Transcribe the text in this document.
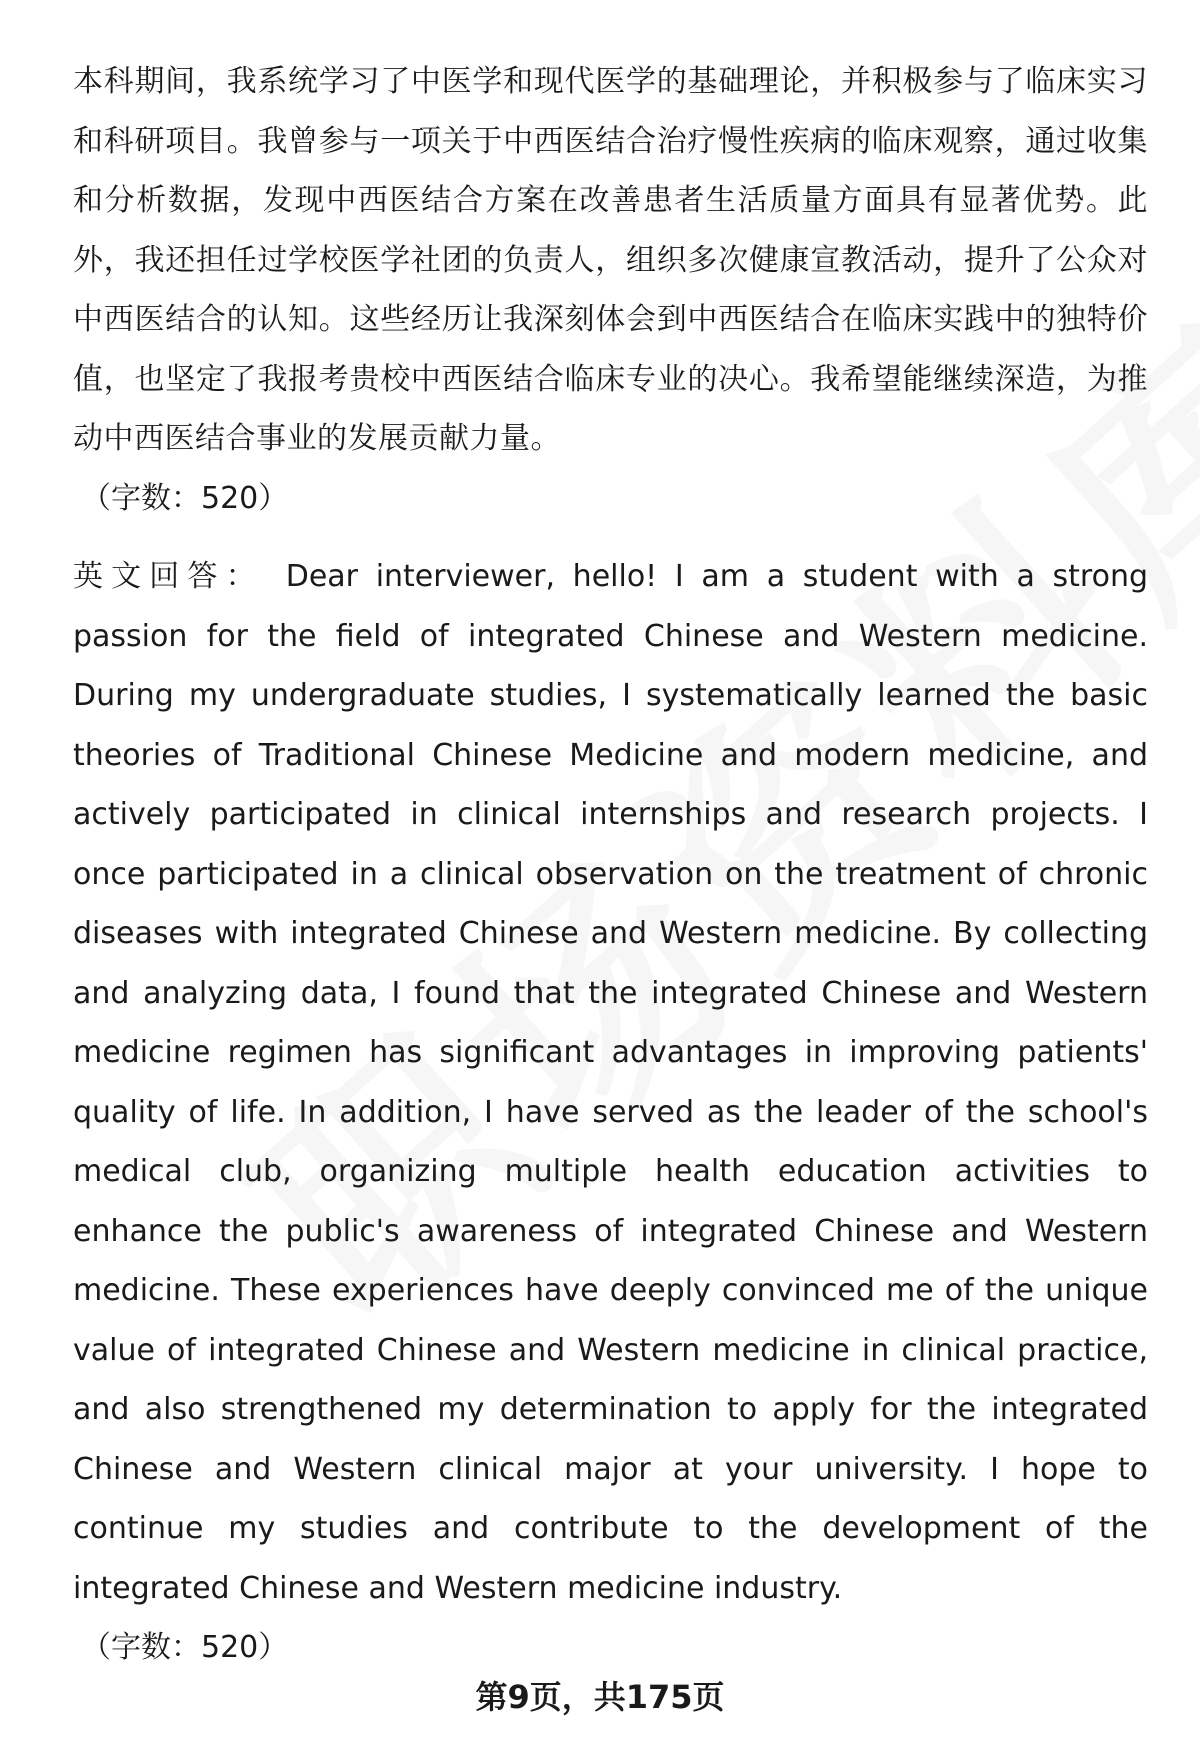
本科期间，我系统学习了中医学和现代医学的基础理论，并积极参与了临床实习和科研项目。我曾参与一项关于中西医结合治疗慢性疾病的临床观察，通过收集和分析数据，发现中西医结合方案在改善患者生活质量方面具有显著优势。此外，我还担任过学校医学社团的负责人，组织多次健康宣教活动，提升了公众对中西医结合的认知。这些经历让我深刻体会到中西医结合在临床实践中的独特价值，也坚定了我报考贵校中西医结合临床专业的决心。我希望能继续深造，为推动中西医结合事业的发展贡献力量。

（字数：520）

英文回答： Dear interviewer, hello! I am a student with a strong passion for the field of integrated Chinese and Western medicine. During my undergraduate studies, I systematically learned the basic theories of Traditional Chinese Medicine and modern medicine, and actively participated in clinical internships and research projects. I once participated in a clinical observation on the treatment of chronic diseases with integrated Chinese and Western medicine. By collecting and analyzing data, I found that the integrated Chinese and Western medicine regimen has significant advantages in improving patients' quality of life. In addition, I have served as the leader of the school's medical club, organizing multiple health education activities to enhance the public's awareness of integrated Chinese and Western medicine. These experiences have deeply convinced me of the unique value of integrated Chinese and Western medicine in clinical practice, and also strengthened my determination to apply for the integrated Chinese and Western clinical major at your university. I hope to continue my studies and contribute to the development of the integrated Chinese and Western medicine industry.

（字数：520）

第9页，共175页
